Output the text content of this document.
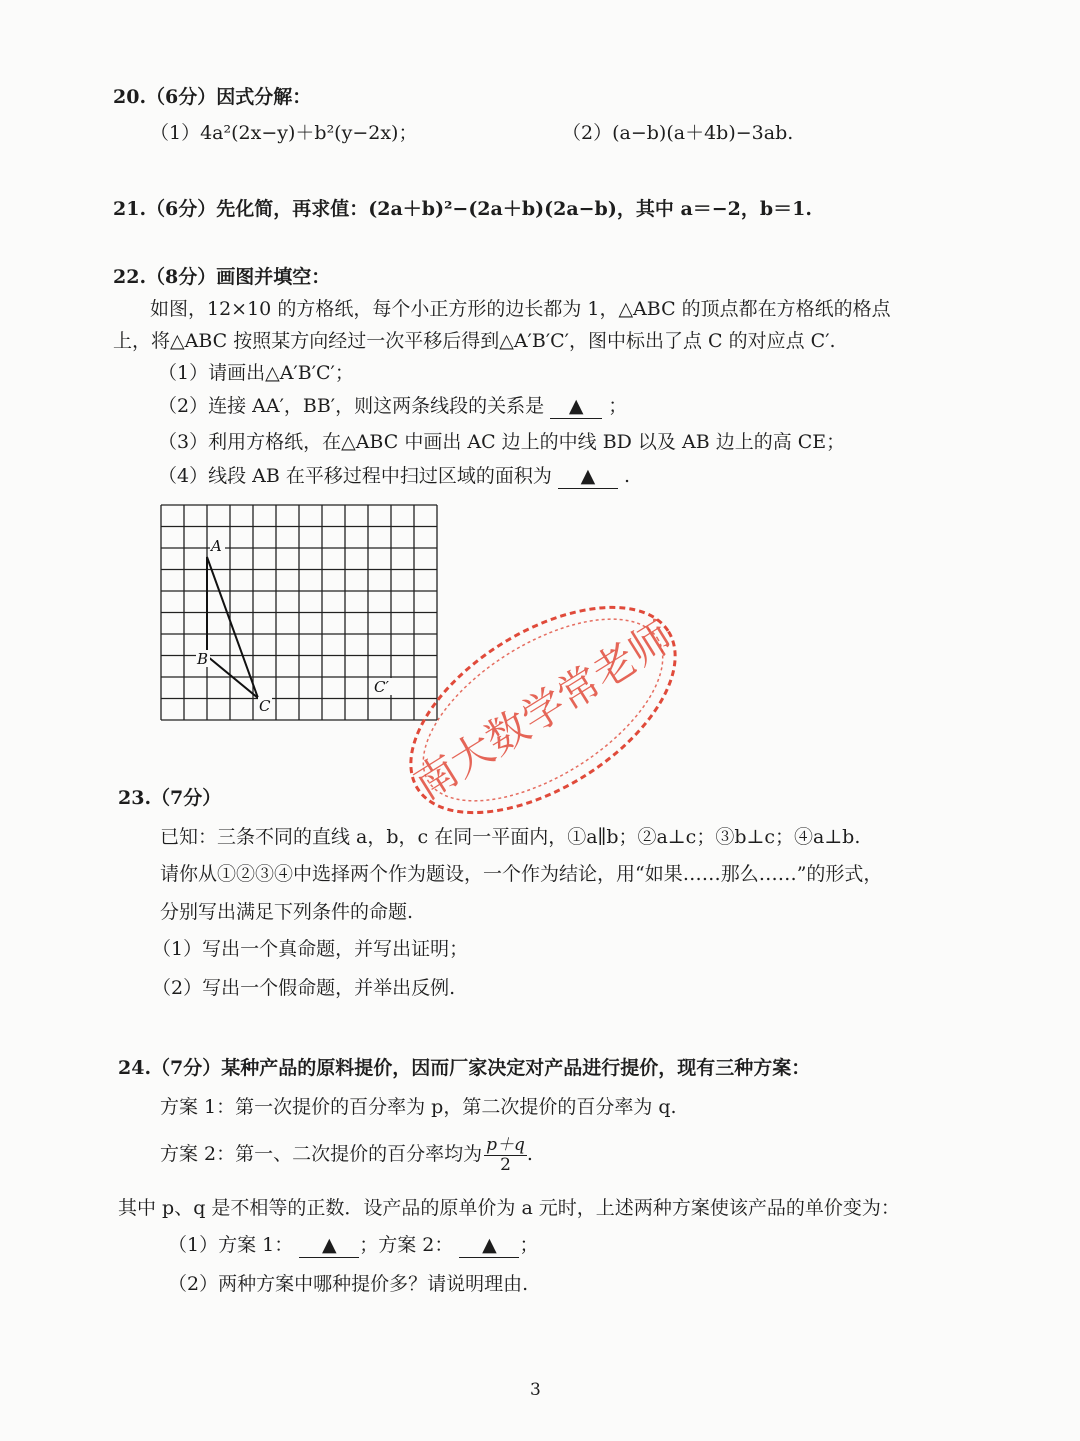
20.（6分）因式分解：
（1）4a²(2x−y)＋b²(y−2x)；	（2）(a−b)(a＋4b)−3ab.
21.（6分）先化简，再求值：(2a＋b)²−(2a＋b)(2a−b)，其中 a＝−2，b＝1.
22.（8分）画图并填空：
如图，12×10 的方格纸，每个小正方形的边长都为 1，△ABC 的顶点都在方格纸的格点
上，将△ABC 按照某方向经过一次平移后得到△A′B′C′，图中标出了点 C 的对应点 C′.
（1）请画出△A′B′C′；
（2）连接 AA′，BB′，则这两条线段的关系是 ▲ ；
（3）利用方格纸，在△ABC 中画出 AC 边上的中线 BD 以及 AB 边上的高 CE；
（4）线段 AB 在平移过程中扫过区域的面积为 ▲ .
A
B
C
C′ 南大数学常老师
23.（7分）
已知：三条不同的直线 a，b，c 在同一平面内，①a∥b；②a⊥c；③b⊥c；④a⊥b.
请你从①②③④中选择两个作为题设，一个作为结论，用“如果……那么……”的形式，
分别写出满足下列条件的命题.
（1）写出一个真命题，并写出证明；
（2）写出一个假命题，并举出反例.
24.（7分）某种产品的原料提价，因而厂家决定对产品进行提价，现有三种方案：
方案 1：第一次提价的百分率为 p，第二次提价的百分率为 q.
方案 2：第一、二次提价的百分率均为 $\frac{p+q}{2}$ .
其中 p、q 是不相等的正数．设产品的原单价为 a 元时，上述两种方案使该产品的单价变为：
（1）方案 1： ▲ ；方案 2： ▲ ；
（2）两种方案中哪种提价多？请说明理由.
3
